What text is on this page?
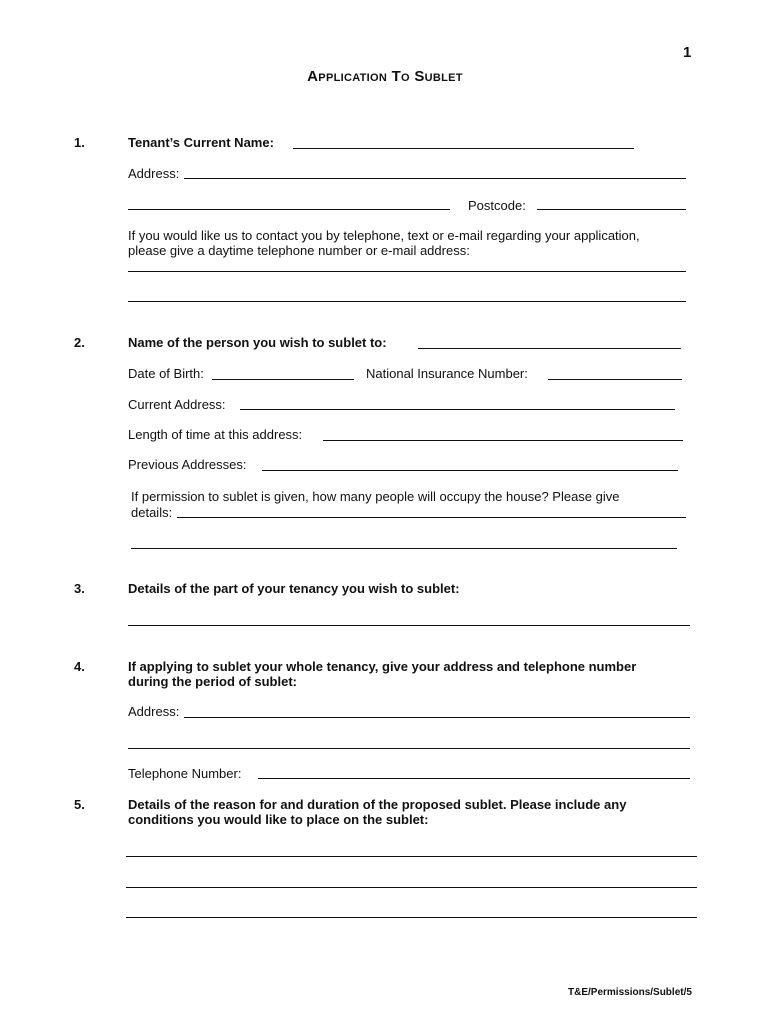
1
Application To Sublet
1.	Tenant’s Current Name:
Address:
Postcode:
If you would like us to contact you by telephone, text or e-mail regarding your application,
please give a daytime telephone number or e-mail address:
2.	Name of the person you wish to sublet to:
Date of Birth:	National Insurance Number:
Current Address:
Length of time at this address:
Previous Addresses:
If permission to sublet is given, how many people will occupy the house? Please give
details:
3.	Details of the part of your tenancy you wish to sublet:
4.	If applying to sublet your whole tenancy, give your address and telephone number
during the period of sublet:
Address:
Telephone Number:
5.	Details of the reason for and duration of the proposed sublet. Please include any
conditions you would like to place on the sublet:
T&E/Permissions/Sublet/5
